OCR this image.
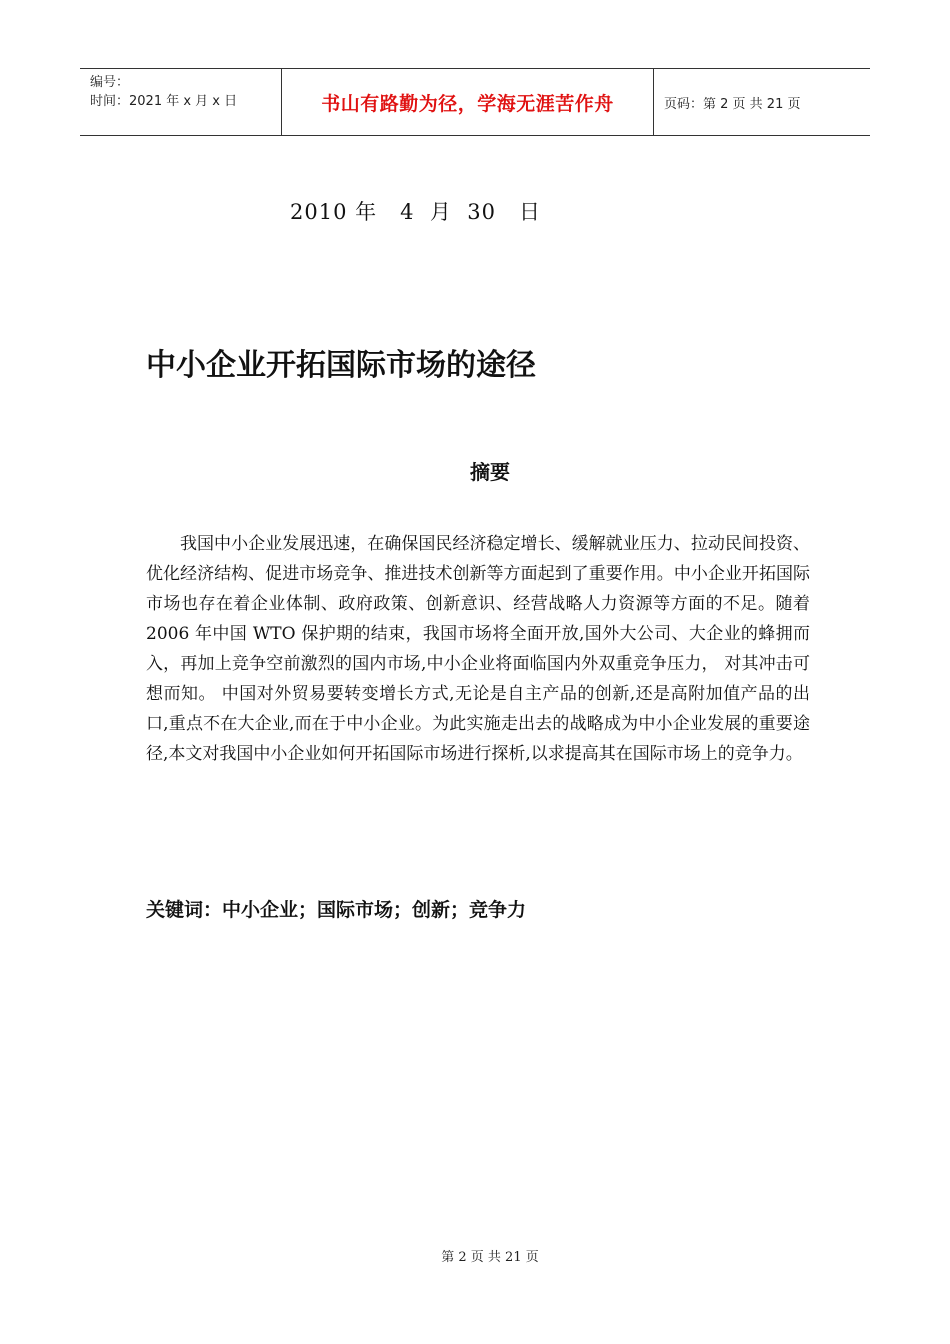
编号：
时间：2021 年 x 月 x 日	书山有路勤为径，学海无涯苦作舟	页码：第 2 页 共 21 页
2010 年   4  月  30   日
中小企业开拓国际市场的途径
摘要

我国中小企业发展迅速，在确保国民经济稳定增长、缓解就业压力、拉动民间投资、优化经济结构、促进市场竞争、推进技术创新等方面起到了重要作用。中小企业开拓国际市场也存在着企业体制、政府政策、创新意识、经营战略人力资源等方面的不足。随着 2006 年中国 WTO 保护期的结束，我国市场将全面开放,国外大公司、大企业的蜂拥而入，再加上竞争空前激烈的国内市场,中小企业将面临国内外双重竞争压力， 对其冲击可想而知。 中国对外贸易要转变增长方式,无论是自主产品的创新,还是高附加值产品的出口,重点不在大企业,而在于中小企业。为此实施走出去的战略成为中小企业发展的重要途径,本文对我国中小企业如何开拓国际市场进行探析,以求提高其在国际市场上的竞争力。

关键词：中小企业；国际市场；创新；竞争力
第 2 页 共 21 页
